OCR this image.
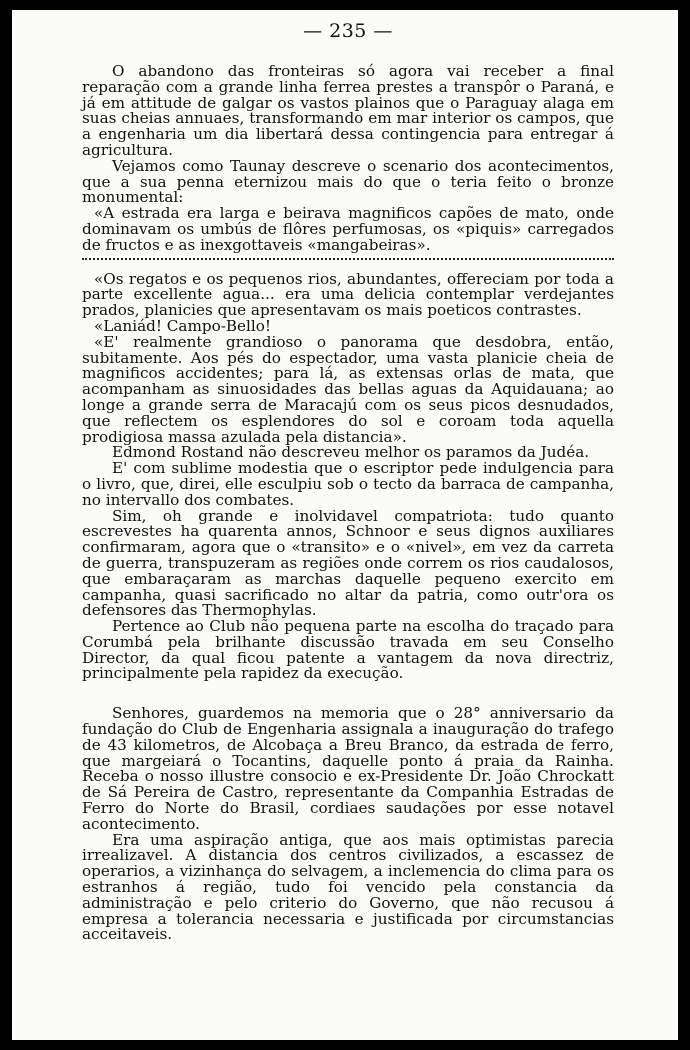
— 235 —

O abandono das fronteiras só agora vai receber a final reparação com a grande linha ferrea prestes a transpôr o Paraná, e já em attitude de galgar os vastos plainos que o Paraguay alaga em suas cheias annuaes, transformando em mar interior os campos, que a engenharia um dia libertará dessa contingencia para entregar á agricultura.

Vejamos como Taunay descreve o scenario dos acontecimentos, que a sua penna eternizou mais do que o teria feito o bronze monumental:

«A estrada era larga e beirava magnificos capões de mato, onde dominavam os umbús de flôres perfumosas, os «piquis» carregados de fructos e as inexgottaveis «mangabeiras».

«Os regatos e os pequenos rios, abundantes, offereciam por toda a parte excellente agua... era uma delicia contemplar verdejantes prados, planicies que apresentavam os mais poeticos contrastes.

«Laniád! Campo-Bello!

«E' realmente grandioso o panorama que desdobra, então, subitamente. Aos pés do espectador, uma vasta planicie cheia de magnificos accidentes; para lá, as extensas orlas de mata, que acompanham as sinuosidades das bellas aguas da Aquidauana; ao longe a grande serra de Maracajú com os seus picos desnudados, que reflectem os esplendores do sol e coroam toda aquella prodigiosa massa azulada pela distancia».

Edmond Rostand não descreveu melhor os paramos da Judéa.

E' com sublime modestia que o escriptor pede indulgencia para o livro, que, direi, elle esculpiu sob o tecto da barraca de campanha, no intervallo dos combates.

Sim, oh grande e inolvidavel compatriota: tudo quanto escrevestes ha quarenta annos, Schnoor e seus dignos auxiliares confirmaram, agora que o «transito» e o «nivel», em vez da carreta de guerra, transpuzeram as regiões onde correm os rios caudalosos, que embaraçaram as marchas daquelle pequeno exercito em campanha, quasi sacrificado no altar da patria, como outr'ora os defensores das Thermophylas.

Pertence ao Club não pequena parte na escolha do traçado para Corumbá pela brilhante discussão travada em seu Conselho Director, da qual ficou patente a vantagem da nova directriz, principalmente pela rapidez da execução.

Senhores, guardemos na memoria que o 28° anniversario da fundação do Club de Engenharia assignala a inauguração do trafego de 43 kilometros, de Alcobaça a Breu Branco, da estrada de ferro, que margeiará o Tocantins, daquelle ponto á praia da Rainha. Receba o nosso illustre consocio e ex-Presidente Dr. João Chrockatt de Sá Pereira de Castro, representante da Companhia Estradas de Ferro do Norte do Brasil, cordiaes saudações por esse notavel acontecimento.

Era uma aspiração antiga, que aos mais optimistas parecia irrealizavel. A distancia dos centros civilizados, a escassez de operarios, a vizinhança do selvagem, a inclemencia do clima para os estranhos á região, tudo foi vencido pela constancia da administração e pelo criterio do Governo, que não recusou á empresa a tolerancia necessaria e justificada por circumstancias acceitaveis.
